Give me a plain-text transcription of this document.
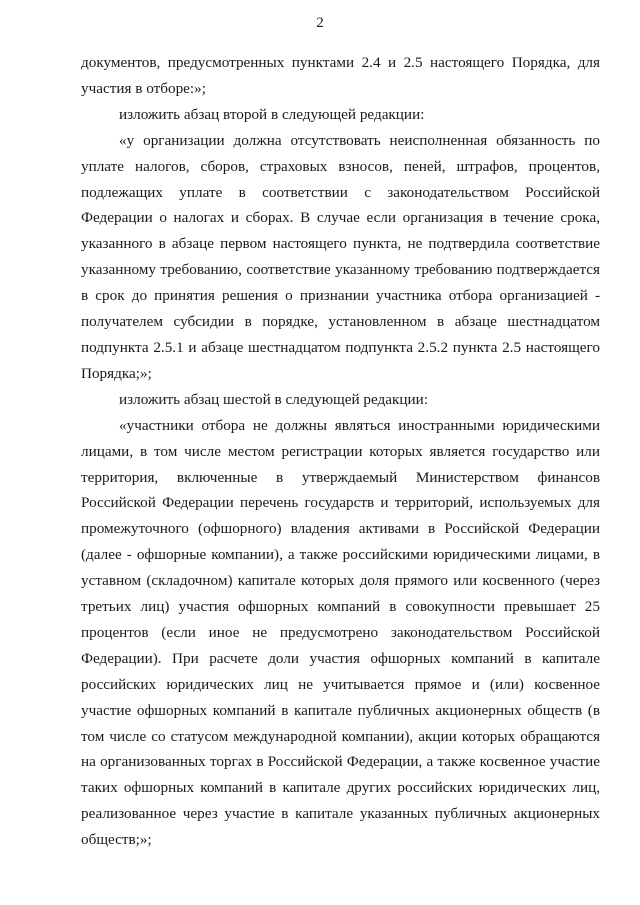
2

документов, предусмотренных пунктами 2.4 и 2.5 настоящего Порядка, для участия в отборе:»;

изложить абзац второй в следующей редакции:

«у организации должна отсутствовать неисполненная обязанность по уплате налогов, сборов, страховых взносов, пеней, штрафов, процентов, подлежащих уплате в соответствии с законодательством Российской Федерации о налогах и сборах. В случае если организация в течение срока, указанного в абзаце первом настоящего пункта, не подтвердила соответствие указанному требованию, соответствие указанному требованию подтверждается в срок до принятия решения о признании участника отбора организацией - получателем субсидии в порядке, установленном в абзаце шестнадцатом подпункта 2.5.1 и абзаце шестнадцатом подпункта 2.5.2 пункта 2.5 настоящего Порядка;»;

изложить абзац шестой в следующей редакции:

«участники отбора не должны являться иностранными юридическими лицами, в том числе местом регистрации которых является государство или территория, включенные в утверждаемый Министерством финансов Российской Федерации перечень государств и территорий, используемых для промежуточного (офшорного) владения активами в Российской Федерации (далее - офшорные компании), а также российскими юридическими лицами, в уставном (складочном) капитале которых доля прямого или косвенного (через третьих лиц) участия офшорных компаний в совокупности превышает 25 процентов (если иное не предусмотрено законодательством Российской Федерации). При расчете доли участия офшорных компаний в капитале российских юридических лиц не учитывается прямое и (или) косвенное участие офшорных компаний в капитале публичных акционерных обществ (в том числе со статусом международной компании), акции которых обращаются на организованных торгах в Российской Федерации, а также косвенное участие таких офшорных компаний в капитале других российских юридических лиц, реализованное через участие в капитале указанных публичных акционерных обществ;»;
